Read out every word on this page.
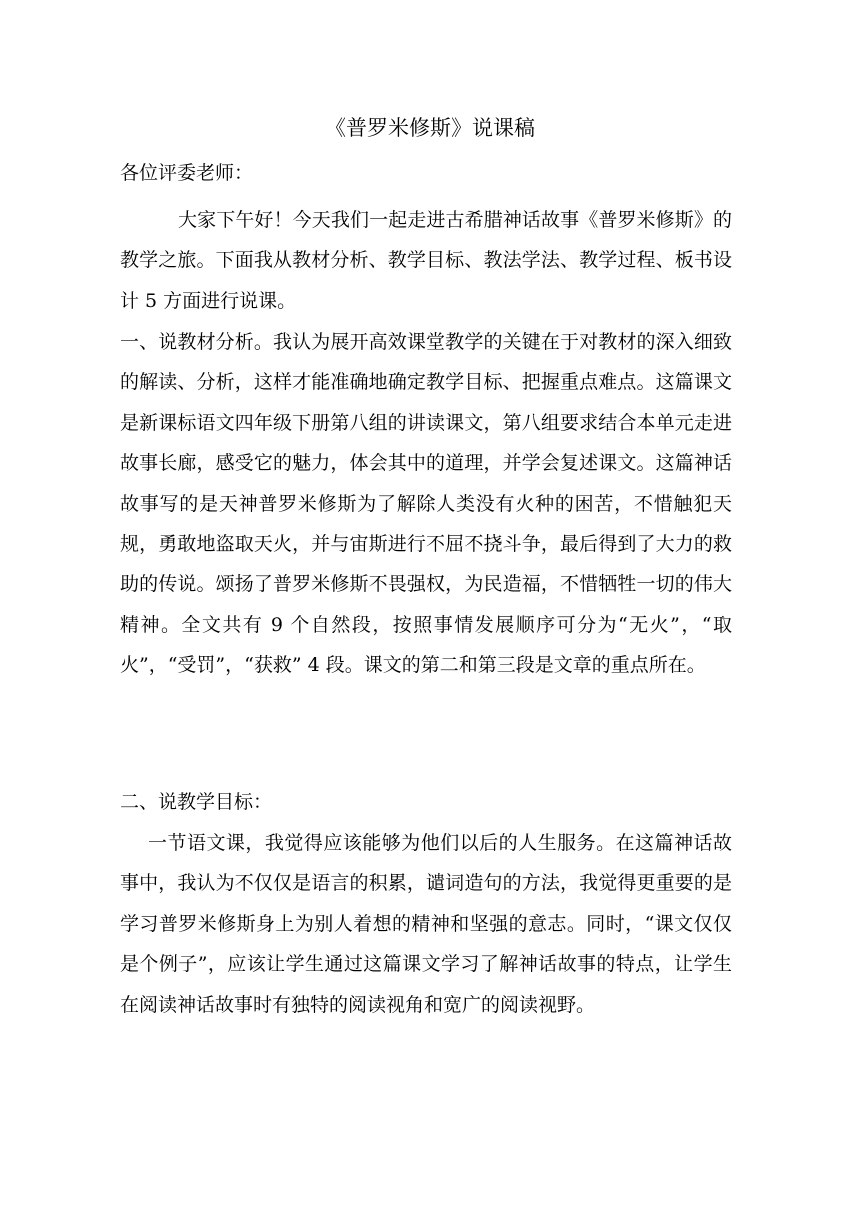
《普罗米修斯》说课稿

各位评委老师：

大家下午好！今天我们一起走进古希腊神话故事《普罗米修斯》的教学之旅。下面我从教材分析、教学目标、教法学法、教学过程、板书设计 5 方面进行说课。

一、说教材分析。我认为展开高效课堂教学的关键在于对教材的深入细致的解读、分析，这样才能准确地确定教学目标、把握重点难点。这篇课文是新课标语文四年级下册第八组的讲读课文，第八组要求结合本单元走进故事长廊，感受它的魅力，体会其中的道理，并学会复述课文。这篇神话故事写的是天神普罗米修斯为了解除人类没有火种的困苦，不惜触犯天规，勇敢地盗取天火，并与宙斯进行不屈不挠斗争，最后得到了大力的救助的传说。颂扬了普罗米修斯不畏强权，为民造福，不惜牺牲一切的伟大精神。全文共有 9 个自然段，按照事情发展顺序可分为“无火”，“取火”，“受罚”，“获救” 4 段。课文的第二和第三段是文章的重点所在。

二、说教学目标：

一节语文课，我觉得应该能够为他们以后的人生服务。在这篇神话故事中，我认为不仅仅是语言的积累，谴词造句的方法，我觉得更重要的是学习普罗米修斯身上为别人着想的精神和坚强的意志。同时，“课文仅仅是个例子”，应该让学生通过这篇课文学习了解神话故事的特点，让学生在阅读神话故事时有独特的阅读视角和宽广的阅读视野。
